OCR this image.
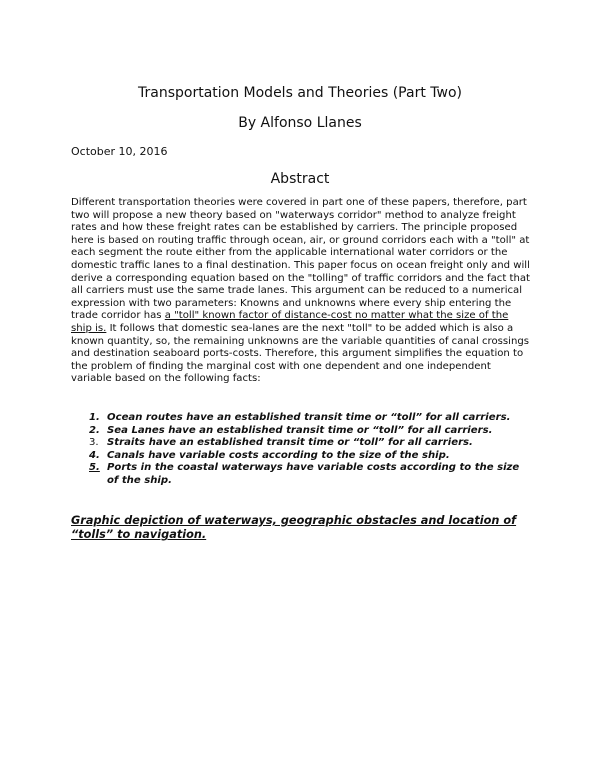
Transportation Models and Theories (Part Two)

By Alfonso Llanes

October 10, 2016

Abstract

Different transportation theories were covered in part one of these papers, therefore, part two will propose a new theory based on "waterways corridor" method to analyze freight rates and how these freight rates can be established by carriers. The principle proposed here is based on routing traffic through ocean, air, or ground corridors each with a "toll" at each segment the route either from the applicable international water corridors or the domestic traffic lanes to a final destination. This paper focus on ocean freight only and will derive a corresponding equation based on the "tolling" of traffic corridors and the fact that all carriers must use the same trade lanes. This argument can be reduced to a numerical expression with two parameters: Knowns and unknowns where every ship entering the trade corridor has a "toll" known factor of distance-cost no matter what the size of the ship is. It follows that domestic sea-lanes are the next "toll" to be added which is also a known quantity, so, the remaining unknowns are the variable quantities of canal crossings and destination seaboard ports-costs. Therefore, this argument simplifies the equation to the problem of finding the marginal cost with one dependent and one independent variable based on the following facts:

1. Ocean routes have an established transit time or “toll” for all carriers.
2. Sea Lanes have an established transit time or “toll” for all carriers.
3. Straits have an established transit time or “toll” for all carriers.
4. Canals have variable costs according to the size of the ship.
5. Ports in the coastal waterways have variable costs according to the size of the ship.

Graphic depiction of waterways, geographic obstacles and location of “tolls” to navigation.
